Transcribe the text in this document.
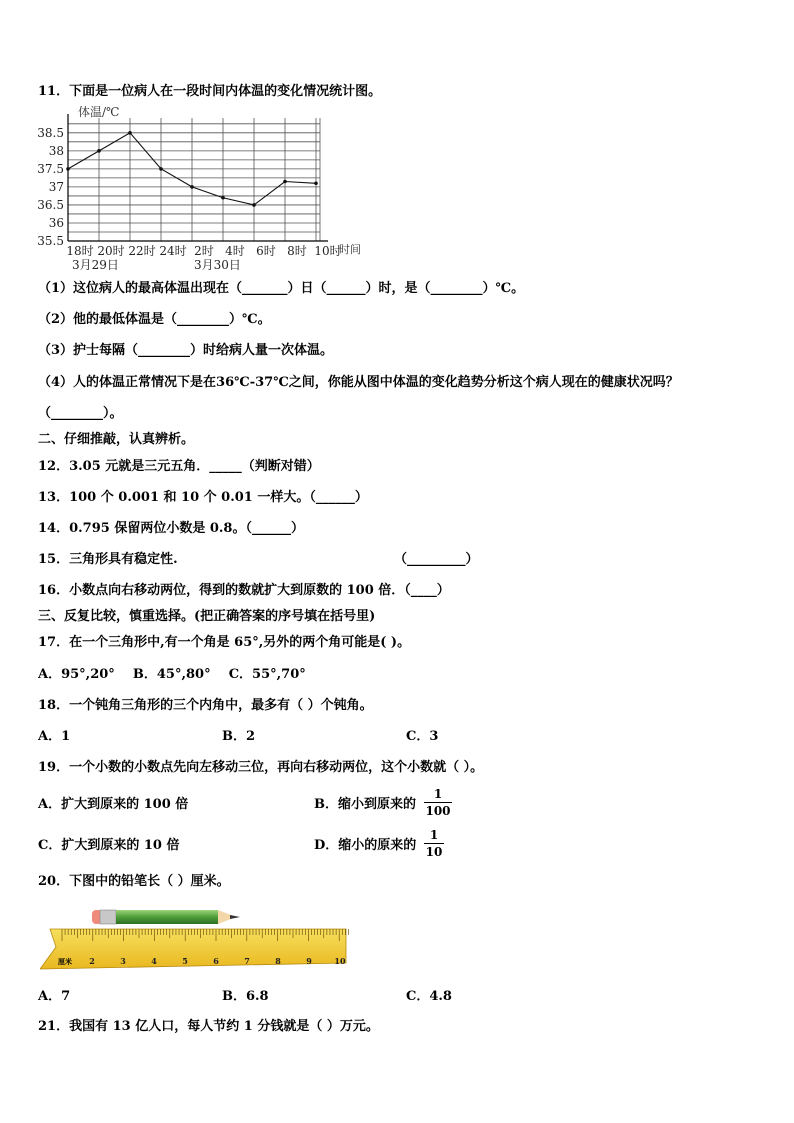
11．下面是一位病人在一段时间内体温的变化情况统计图。
35.5
36
36.5
37
37.5
38
38.5
体温/℃
18时 20时 22时 24时 2时 4时 6时 8时 10时
时间
3月29日	3月30日
（1）这位病人的最高体温出现在（_______）日（______）时，是（________）℃。
（2）他的最低体温是（________）℃。
（3）护士每隔（________）时给病人量一次体温。
（4）人的体温正常情况下是在36℃-37℃之间，你能从图中体温的变化趋势分析这个病人现在的健康状况吗？
（________）。
二、仔细推敲，认真辨析。
12．3.05 元就是三元五角．_____（判断对错）
13．100 个 0.001 和 10 个 0.01 一样大。（______）
14．0.795 保留两位小数是 0.8。（______）
15．三角形具有稳定性.	（_________）
16．小数点向右移动两位，得到的数就扩大到原数的 100 倍．（____）
三、反复比较，慎重选择。(把正确答案的序号填在括号里)
17．在一个三角形中,有一个角是 65°,另外的两个角可能是( )。
A．95°,20°    B．45°,80°    C．55°,70°
18．一个钝角三角形的三个内角中，最多有（ ）个钝角。
A．1	B．2	C．3
19．一个小数的小数点先向左移动三位，再向右移动两位，这个小数就（ ）。
A．扩大到原来的 100 倍	B．缩小到原来的
1
100
C．扩大到原来的 10 倍	D．缩小的原来的
1
10
20．下图中的铅笔长（ ）厘米。
厘米 2	3	4	5	6	7	8	9	10
A．7	B．6.8	C．4.8
21．我国有 13 亿人口，每人节约 1 分钱就是（ ）万元。
